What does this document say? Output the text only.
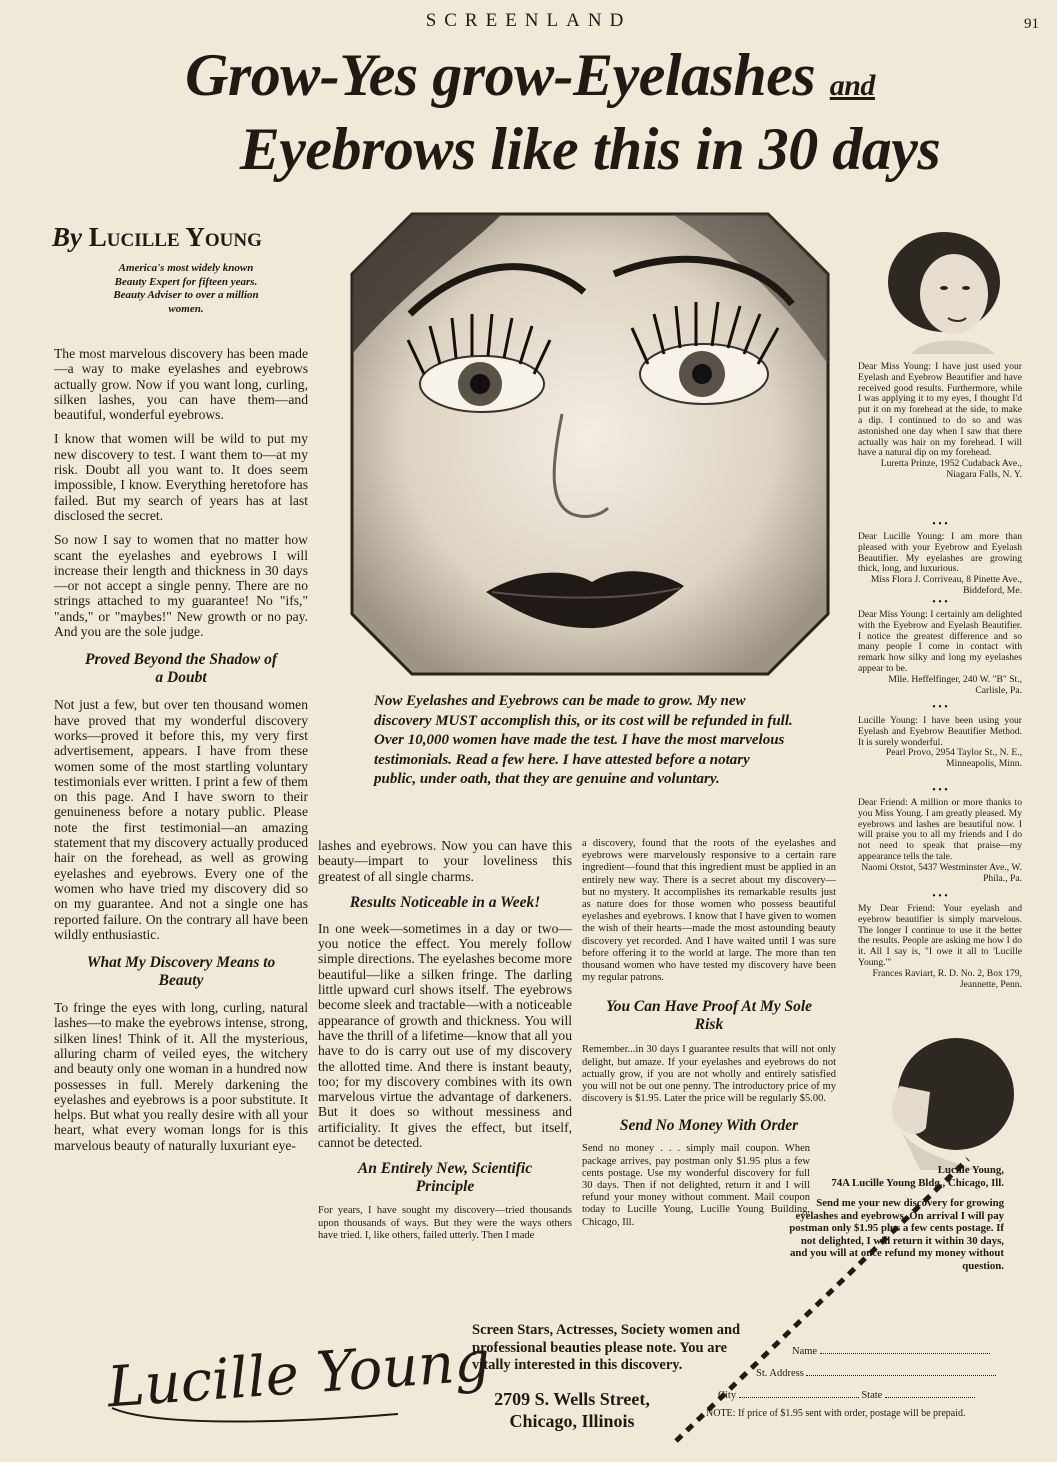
SCREENLAND	91
Grow-Yes grow-Eyelashes and
Eyebrows like this in 30 days
By Lucille Young
America's most widely known Beauty Expert for fifteen years. Beauty Adviser to over a million women.

The most marvelous discovery has been made—a way to make eyelashes and eyebrows actually grow. Now if you want long, curling, silken lashes, you can have them—and beautiful, wonderful eyebrows.

I know that women will be wild to put my new discovery to test. I want them to—at my risk. Doubt all you want to. It does seem impossible, I know. Everything heretofore has failed. But my search of years has at last disclosed the secret.

So now I say to women that no matter how scant the eyelashes and eyebrows I will increase their length and thickness in 30 days—or not accept a single penny. There are no strings attached to my guarantee! No "ifs," "ands," or "maybes!" New growth or no pay. And you are the sole judge.

Proved Beyond the Shadow of a Doubt

Not just a few, but over ten thousand women have proved that my wonderful discovery works—proved it before this, my very first advertisement, appears. I have from these women some of the most startling voluntary testimonials ever written. I print a few of them on this page. And I have sworn to their genuineness before a notary public. Please note the first testimonial—an amazing statement that my discovery actually produced hair on the forehead, as well as growing eyelashes and eyebrows. Every one of the women who have tried my discovery did so on my guarantee. And not a single one has reported failure. On the contrary all have been wildly enthusiastic.

What My Discovery Means to Beauty

To fringe the eyes with long, curling, natural lashes—to make the eyebrows intense, strong, silken lines! Think of it. All the mysterious, alluring charm of veiled eyes, the witchery and beauty only one woman in a hundred now possesses in full. Merely darkening the eyelashes and eyebrows is a poor substitute. It helps. But what you really desire with all your heart, what every woman longs for is this marvelous beauty of naturally luxuriant eye-

Now Eyelashes and Eyebrows can be made to grow. My new discovery MUST accomplish this, or its cost will be refunded in full. Over 10,000 women have made the test. I have the most marvelous testimonials. Read a few here. I have attested before a notary public, under oath, that they are genuine and voluntary.

lashes and eyebrows. Now you can have this beauty—impart to your loveliness this greatest of all single charms.

Results Noticeable in a Week!

In one week—sometimes in a day or two—you notice the effect. You merely follow simple directions. The eyelashes become more beautiful—like a silken fringe. The darling little upward curl shows itself. The eyebrows become sleek and tractable—with a noticeable appearance of growth and thickness. You will have the thrill of a lifetime—know that all you have to do is carry out use of my discovery the allotted time. And there is instant beauty, too; for my discovery combines with its own marvelous virtue the advantage of darkeners. But it does so without messiness and artificiality. It gives the effect, but itself, cannot be detected.

An Entirely New, Scientific Principle

For years, I have sought my discovery—tried thousands upon thousands of ways. But they were the ways others have tried. I, like others, failed utterly. Then I made

a discovery, found that the roots of the eyelashes and eyebrows were marvelously responsive to a certain rare ingredient—found that this ingredient must be applied in an entirely new way. There is a secret about my discovery—but no mystery. It accomplishes its remarkable results just as nature does for those women who possess beautiful eyelashes and eyebrows. I know that I have given to women the wish of their hearts—made the most astounding beauty discovery yet recorded. And I have waited until I was sure before offering it to the world at large. The more than ten thousand women who have tested my discovery have been my regular patrons.

You Can Have Proof At My Sole Risk

Remember...in 30 days I guarantee results that will not only delight, but amaze. If your eyelashes and eyebrows do not actually grow, if you are not wholly and entirely satisfied you will not be out one penny. The introductory price of my discovery is $1.95. Later the price will be regularly $5.00.

Send No Money With Order

Send no money . . . simply mail coupon. When package arrives, pay postman only $1.95 plus a few cents postage. Use my wonderful discovery for full 30 days. Then if not delighted, return it and I will refund your money without comment. Mail coupon today to Lucille Young, Lucille Young Building, Chicago, Ill.

Dear Miss Young: I have just used your Eyelash and Eyebrow Beautifier and have received good results. Furthermore, while I was applying it to my eyes, I thought I'd put it on my forehead at the side, to make a dip. I continued to do so and was astonished one day when I saw that there actually was hair on my forehead. I will have a natural dip on my forehead.
Luretta Prinze, 1952 Cudaback Ave., Niagara Falls, N. Y.
• • •
Dear Lucille Young: I am more than pleased with your Eyebrow and Eyelash Beautifier. My eyelashes are growing thick, long, and luxurious.
Miss Flora J. Corriveau, 8 Pinette Ave., Biddeford, Me.
• • •
Dear Miss Young: I certainly am delighted with the Eyebrow and Eyelash Beautifier. I notice the greatest difference and so many people I come in contact with remark how silky and long my eyelashes appear to be.
Mlle. Heffelfinger, 240 W. "B" St., Carlisle, Pa.
• • •
Lucille Young: I have been using your Eyelash and Eyebrow Beautifier Method. It is surely wonderful.
Pearl Provo, 2954 Taylor St., N. E., Minneapolis, Minn.
• • •
Dear Friend: A million or more thanks to you Miss Young. I am greatly pleased. My eyebrows and lashes are beautiful now. I will praise you to all my friends and I do not need to speak that praise—my appearance tells the tale.
Naomi Otstot, 5437 Westminster Ave., W. Phila., Pa.
• • •
My Dear Friend: Your eyelash and eyebrow beautifier is simply marvelous. The longer I continue to use it the better the results. People are asking me how I do it. All I say is, "I owe it all to 'Lucille Young.'"
Frances Raviart, R. D. No. 2, Box 179, Jeannette, Penn.
Lucille Young,
74A Lucille Young Bldg., Chicago, Ill.
Send me your new discovery for growing eyelashes and eyebrows. On arrival I will pay postman only $1.95 plus a few cents postage. If not delighted, I will return it within 30 days, and you will at once refund my money without question.
Name
St. Address
City	State
NOTE: If price of $1.95 sent with order, postage will be prepaid.
Screen Stars, Actresses, Society women and professional beauties please note. You are vitally interested in this discovery.
2709 S. Wells Street,
Chicago, Illinois
Lucille Young
